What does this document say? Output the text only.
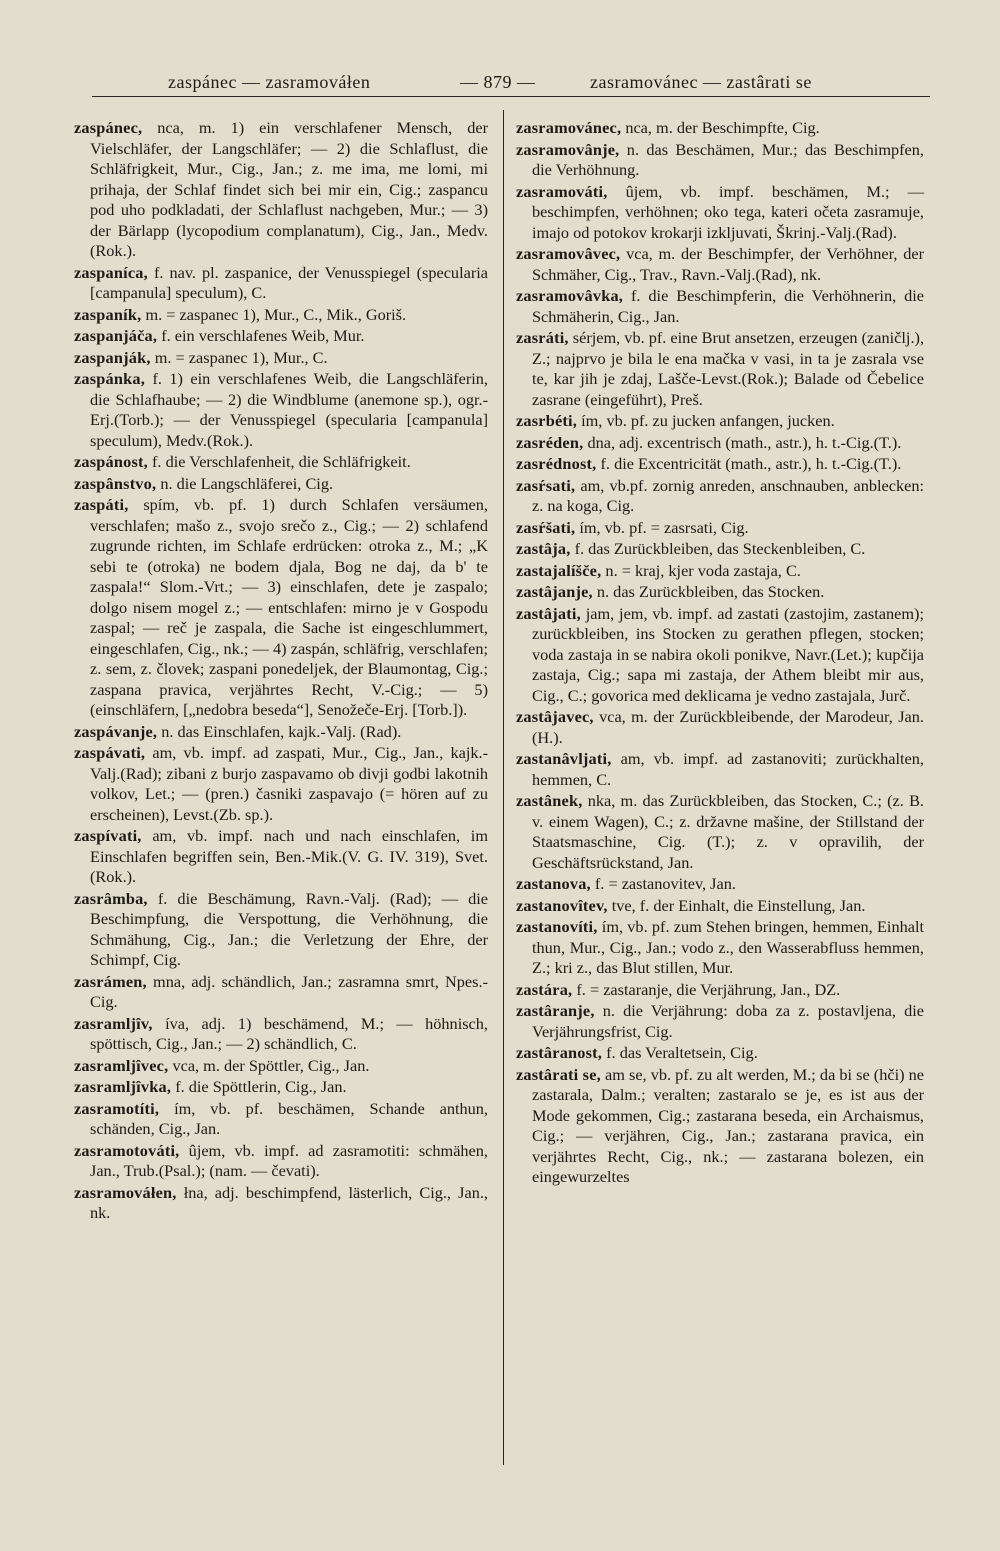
zaspánec — zasramováłen	— 879 —	zasramovánec — zastârati se

zaspánec, nca, m. 1) ein verschlafener Mensch, der Vielschläfer, der Langschläfer; — 2) die Schlaflust, die Schläfrigkeit, Mur., Cig., Jan.; z. me ima, me lomi, mi prihaja, der Schlaf findet sich bei mir ein, Cig.; zaspancu pod uho podkladati, der Schlaflust nachgeben, Mur.; — 3) der Bärlapp (lycopodium complanatum), Cig., Jan., Medv.(Rok.).

zaspaníca, f. nav. pl. zaspanice, der Venusspiegel (specularia [campanula] speculum), C.

zaspaník, m. = zaspanec 1), Mur., C., Mik., Goriš.

zaspanjáča, f. ein verschlafenes Weib, Mur.

zaspanják, m. = zaspanec 1), Mur., C.

zaspánka, f. 1) ein verschlafenes Weib, die Langschläferin, die Schlafhaube; — 2) die Windblume (anemone sp.), ogr.-Erj.(Torb.); — der Venusspiegel (specularia [campanula] speculum), Medv.(Rok.).

zaspánost, f. die Verschlafenheit, die Schläfrigkeit.

zaspânstvo, n. die Langschläferei, Cig.

zaspáti, spím, vb. pf. 1) durch Schlafen versäumen, verschlafen; mašo z., svojo srečo z., Cig.; — 2) schlafend zugrunde richten, im Schlafe erdrücken: otroka z., M.; „K sebi te (otroka) ne bodem djala, Bog ne daj, da b' te zaspala!“ Slom.-Vrt.; — 3) einschlafen, dete je zaspalo; dolgo nisem mogel z.; — entschlafen: mirno je v Gospodu zaspal; — reč je zaspala, die Sache ist eingeschlummert, eingeschlafen, Cig., nk.; — 4) zaspán, schläfrig, verschlafen; z. sem, z. človek; zaspani ponedeljek, der Blaumontag, Cig.; zaspana pravica, verjährtes Recht, V.-Cig.; — 5) (einschläfern, [„nedobra beseda“], Senožeče-Erj. [Torb.]).

zaspávanje, n. das Einschlafen, kajk.-Valj. (Rad).

zaspávati, am, vb. impf. ad zaspati, Mur., Cig., Jan., kajk.-Valj.(Rad); zibani z burjo zaspavamo ob divji godbi lakotnih volkov, Let.; — (pren.) časniki zaspavajo (= hören auf zu erscheinen), Levst.(Zb. sp.).

zaspívati, am, vb. impf. nach und nach einschlafen, im Einschlafen begriffen sein, Ben.-Mik.(V. G. IV. 319), Svet.(Rok.).

zasrâmba, f. die Beschämung, Ravn.-Valj. (Rad); — die Beschimpfung, die Verspottung, die Verhöhnung, die Schmähung, Cig., Jan.; die Verletzung der Ehre, der Schimpf, Cig.

zasrámen, mna, adj. schändlich, Jan.; zasramna smrt, Npes.-Cig.

zasramljîv, íva, adj. 1) beschämend, M.; — höhnisch, spöttisch, Cig., Jan.; — 2) schändlich, C.

zasramljîvec, vca, m. der Spöttler, Cig., Jan.

zasramljîvka, f. die Spöttlerin, Cig., Jan.

zasramotíti, ím, vb. pf. beschämen, Schande anthun, schänden, Cig., Jan.

zasramotováti, ûjem, vb. impf. ad zasramotiti: schmähen, Jan., Trub.(Psal.); (nam. — čevati).

zasramováłen, łna, adj. beschimpfend, lästerlich, Cig., Jan., nk.

zasramovánec, nca, m. der Beschimpfte, Cig.

zasramovânje, n. das Beschämen, Mur.; das Beschimpfen, die Verhöhnung.

zasramováti, ûjem, vb. impf. beschämen, M.; — beschimpfen, verhöhnen; oko tega, kateri očeta zasramuje, imajo od potokov krokarji izkljuvati, Škrinj.-Valj.(Rad).

zasramovâvec, vca, m. der Beschimpfer, der Verhöhner, der Schmäher, Cig., Trav., Ravn.-Valj.(Rad), nk.

zasramovâvka, f. die Beschimpferin, die Verhöhnerin, die Schmäherin, Cig., Jan.

zasráti, sérjem, vb. pf. eine Brut ansetzen, erzeugen (zaničlj.), Z.; najprvo je bila le ena mačka v vasi, in ta je zasrala vse te, kar jih je zdaj, Lašče-Levst.(Rok.); Balade od Čebelice zasrane (eingeführt), Preš.

zasrbéti, ím, vb. pf. zu jucken anfangen, jucken.

zasréden, dna, adj. excentrisch (math., astr.), h. t.-Cig.(T.).

zasrédnost, f. die Excentricität (math., astr.), h. t.-Cig.(T.).

zasŕsati, am, vb.pf. zornig anreden, anschnauben, anblecken: z. na koga, Cig.

zasŕšati, ím, vb. pf. = zasrsati, Cig.

zastâja, f. das Zurückbleiben, das Steckenbleiben, C.

zastajalíšče, n. = kraj, kjer voda zastaja, C.

zastâjanje, n. das Zurückbleiben, das Stocken.

zastâjati, jam, jem, vb. impf. ad zastati (zastojim, zastanem); zurückbleiben, ins Stocken zu gerathen pflegen, stocken; voda zastaja in se nabira okoli ponikve, Navr.(Let.); kupčija zastaja, Cig.; sapa mi zastaja, der Athem bleibt mir aus, Cig., C.; govorica med deklicama je vedno zastajala, Jurč.

zastâjavec, vca, m. der Zurückbleibende, der Marodeur, Jan.(H.).

zastanâvljati, am, vb. impf. ad zastanoviti; zurückhalten, hemmen, C.

zastânek, nka, m. das Zurückbleiben, das Stocken, C.; (z. B. v. einem Wagen), C.; z. državne mašine, der Stillstand der Staatsmaschine, Cig. (T.); z. v opravilih, der Geschäftsrückstand, Jan.

zastanova, f. = zastanovitev, Jan.

zastanovîtev, tve, f. der Einhalt, die Einstellung, Jan.

zastanovíti, ím, vb. pf. zum Stehen bringen, hemmen, Einhalt thun, Mur., Cig., Jan.; vodo z., den Wasserabfluss hemmen, Z.; kri z., das Blut stillen, Mur.

zastára, f. = zastaranje, die Verjährung, Jan., DZ.

zastâranje, n. die Verjährung: doba za z. postavljena, die Verjährungsfrist, Cig.

zastâranost, f. das Veraltetsein, Cig.

zastârati se, am se, vb. pf. zu alt werden, M.; da bi se (hči) ne zastarala, Dalm.; veralten; zastaralo se je, es ist aus der Mode gekommen, Cig.; zastarana beseda, ein Archaismus, Cig.; — verjähren, Cig., Jan.; zastarana pravica, ein verjährtes Recht, Cig., nk.; — zastarana bolezen, ein eingewurzeltes
